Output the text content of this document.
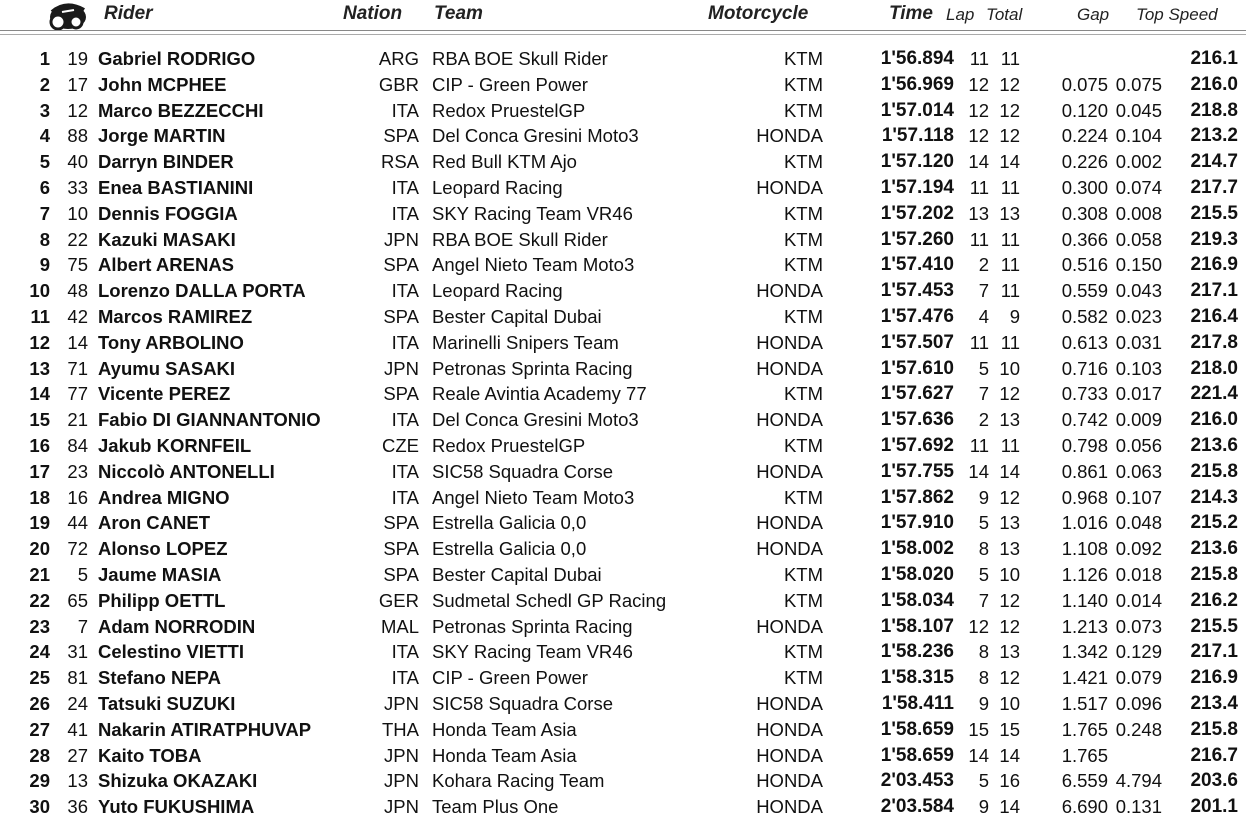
Rider	Nation Team	Motorcycle	Time Lap Total	Gap Top Speed
1 19 Gabriel RODRIGO	ARG RBA BOE Skull Rider	KTM	1'56.894 11 11	216.1
2 17 John MCPHEE	GBR CIP - Green Power	KTM	1'56.969 12 12 0.075 0.075 216.0
3 12 Marco BEZZECCHI	ITA Redox PruestelGP	KTM	1'57.014 12 12 0.120 0.045 218.8
4 88 Jorge MARTIN	SPA Del Conca Gresini Moto3	HONDA	1'57.118 12 12 0.224 0.104 213.2
5 40 Darryn BINDER	RSA Red Bull KTM Ajo	KTM	1'57.120 14 14 0.226 0.002 214.7
6 33 Enea BASTIANINI	ITA Leopard Racing	HONDA	1'57.194 11 11 0.300 0.074 217.7
7 10 Dennis FOGGIA	ITA SKY Racing Team VR46	KTM	1'57.202 13 13 0.308 0.008 215.5
8 22 Kazuki MASAKI	JPN RBA BOE Skull Rider	KTM	1'57.260 11 11 0.366 0.058 219.3
9 75 Albert ARENAS	SPA Angel Nieto Team Moto3	KTM	1'57.410 2 11 0.516 0.150 216.9
10 48 Lorenzo DALLA PORTA	ITA Leopard Racing	HONDA	1'57.453 7 11 0.559 0.043 217.1
11 42 Marcos RAMIREZ	SPA Bester Capital Dubai	KTM	1'57.476 4 9 0.582 0.023 216.4
12 14 Tony ARBOLINO	ITA Marinelli Snipers Team	HONDA	1'57.507 11 11 0.613 0.031 217.8
13 71 Ayumu SASAKI	JPN Petronas Sprinta Racing	HONDA	1'57.610 5 10 0.716 0.103 218.0
14 77 Vicente PEREZ	SPA Reale Avintia Academy 77	KTM	1'57.627 7 12 0.733 0.017 221.4
15 21 Fabio DI GIANNANTONIO	ITA Del Conca Gresini Moto3	HONDA	1'57.636 2 13 0.742 0.009 216.0
16 84 Jakub KORNFEIL	CZE Redox PruestelGP	KTM	1'57.692 11 11 0.798 0.056 213.6
17 23 Niccolò ANTONELLI	ITA SIC58 Squadra Corse	HONDA	1'57.755 14 14 0.861 0.063 215.8
18 16 Andrea MIGNO	ITA Angel Nieto Team Moto3	KTM	1'57.862 9 12 0.968 0.107 214.3
19 44 Aron CANET	SPA Estrella Galicia 0,0	HONDA	1'57.910 5 13 1.016 0.048 215.2
20 72 Alonso LOPEZ	SPA Estrella Galicia 0,0	HONDA	1'58.002 8 13 1.108 0.092 213.6
21 5 Jaume MASIA	SPA Bester Capital Dubai	KTM	1'58.020 5 10 1.126 0.018 215.8
22 65 Philipp OETTL	GER Sudmetal Schedl GP Racing	KTM	1'58.034 7 12 1.140 0.014 216.2
23 7 Adam NORRODIN	MAL Petronas Sprinta Racing	HONDA	1'58.107 12 12 1.213 0.073 215.5
24 31 Celestino VIETTI	ITA SKY Racing Team VR46	KTM	1'58.236 8 13 1.342 0.129 217.1
25 81 Stefano NEPA	ITA CIP - Green Power	KTM	1'58.315 8 12 1.421 0.079 216.9
26 24 Tatsuki SUZUKI	JPN SIC58 Squadra Corse	HONDA	1'58.411 9 10 1.517 0.096 213.4
27 41 Nakarin ATIRATPHUVAP	THA Honda Team Asia	HONDA	1'58.659 15 15 1.765 0.248 215.8
28 27 Kaito TOBA	JPN Honda Team Asia	HONDA	1'58.659 14 14 1.765	216.7
29 13 Shizuka OKAZAKI	JPN Kohara Racing Team	HONDA	2'03.453 5 16 6.559 4.794 203.6
30 36 Yuto FUKUSHIMA	JPN Team Plus One	HONDA	2'03.584 9 14 6.690 0.131 201.1
